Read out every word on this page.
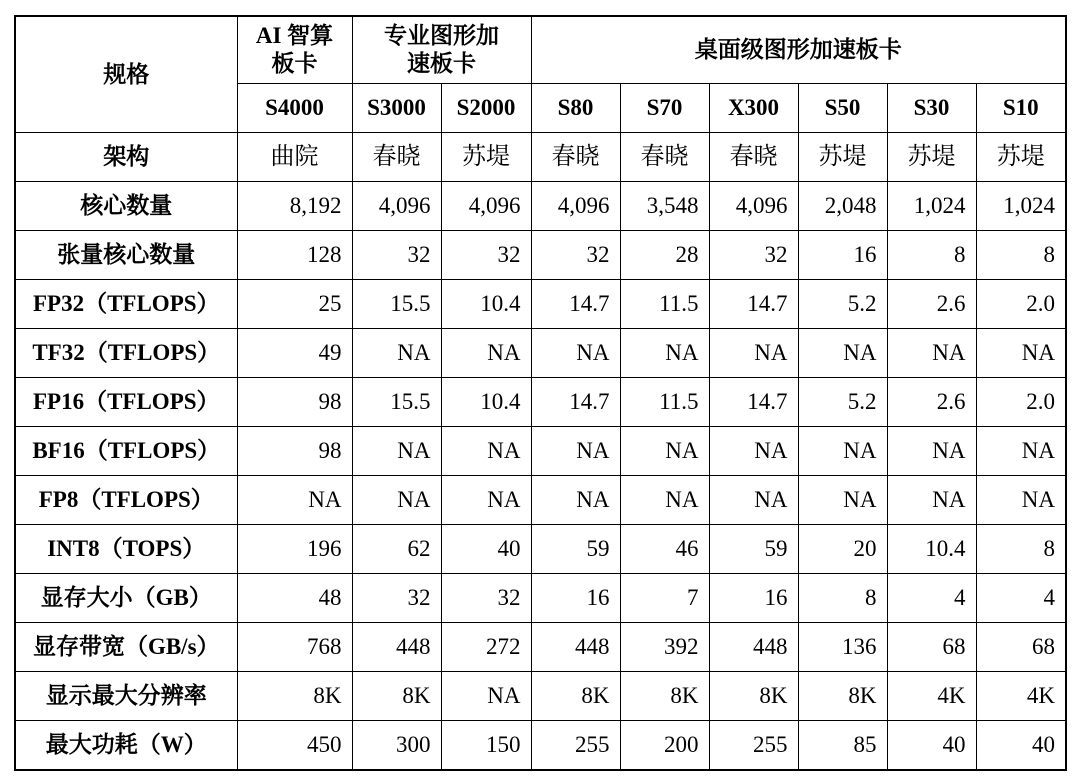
规格	AI 智算板卡	专业图形加速板卡		桌面级图形加速板卡					
	S4000	S3000	S2000	S80	S70	X300	S50	S30	S10
架构	曲院	春晓	苏堤	春晓	春晓	春晓	苏堤	苏堤	苏堤
核心数量	8,192	4,096	4,096	4,096	3,548	4,096	2,048	1,024	1,024
张量核心数量	128	32	32	32	28	32	16	8	8
FP32（TFLOPS）	25	15.5	10.4	14.7	11.5	14.7	5.2	2.6	2.0
TF32（TFLOPS）	49	NA	NA	NA	NA	NA	NA	NA	NA
FP16（TFLOPS）	98	15.5	10.4	14.7	11.5	14.7	5.2	2.6	2.0
BF16（TFLOPS）	98	NA	NA	NA	NA	NA	NA	NA	NA
FP8（TFLOPS）	NA	NA	NA	NA	NA	NA	NA	NA	NA
INT8（TOPS）	196	62	40	59	46	59	20	10.4	8
显存大小（GB）	48	32	32	16	7	16	8	4	4
显存带宽（GB/s）	768	448	272	448	392	448	136	68	68
显示最大分辨率	8K	8K	NA	8K	8K	8K	8K	4K	4K
最大功耗（W）	450	300	150	255	200	255	85	40	40
